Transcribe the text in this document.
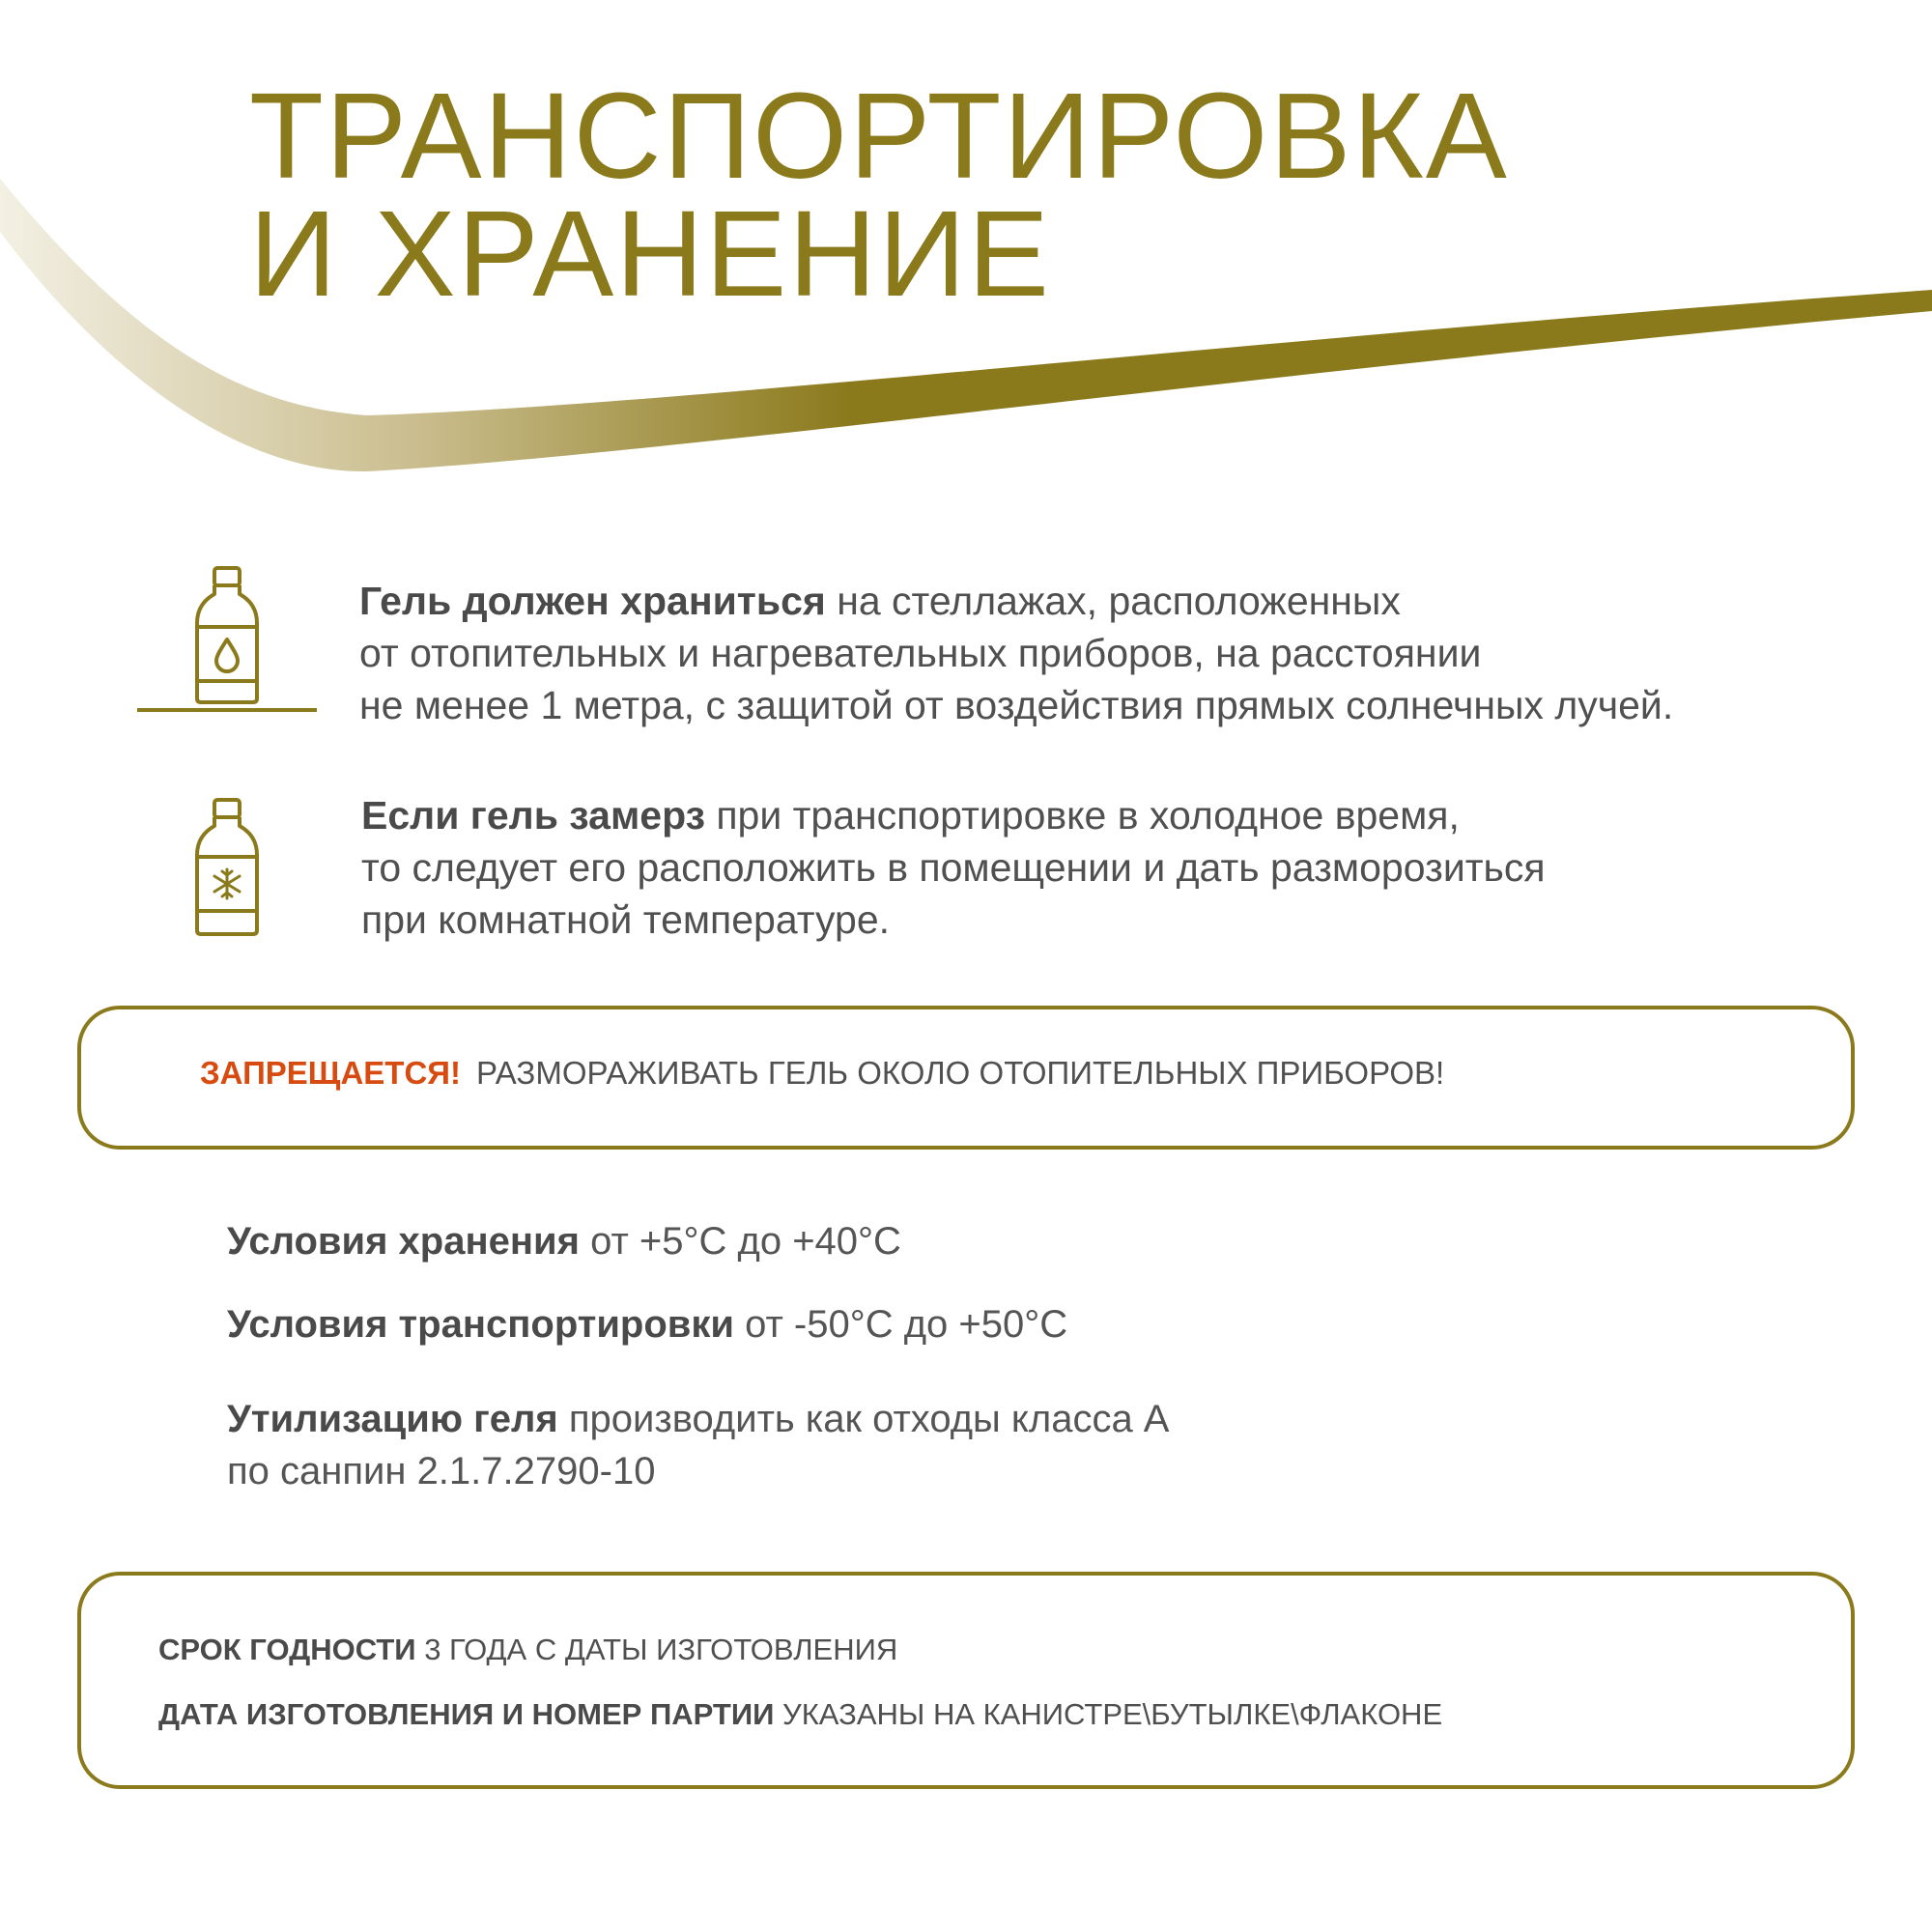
ТРАНСПОРТИРОВКА
И ХРАНЕНИЕ

Гель должен храниться на стеллажах, расположенных
от отопительных и нагревательных приборов, на расстоянии
не менее 1 метра, с защитой от воздействия прямых солнечных лучей.

Если гель замерз при транспортировке в холодное время,
то следует его расположить в помещении и дать разморозиться
при комнатной температуре.

ЗАПРЕЩАЕТСЯ! РАЗМОРАЖИВАТЬ ГЕЛЬ ОКОЛО ОТОПИТЕЛЬНЫХ ПРИБОРОВ!

Условия хранения от +5°С до +40°С

Условия транспортировки от -50°С до +50°С

Утилизацию геля производить как отходы класса А
по санпин 2.1.7.2790-10

СРОК ГОДНОСТИ 3 ГОДА С ДАТЫ ИЗГОТОВЛЕНИЯ
ДАТА ИЗГОТОВЛЕНИЯ И НОМЕР ПАРТИИ УКАЗАНЫ НА КАНИСТРЕ\БУТЫЛКЕ\ФЛАКОНЕ
